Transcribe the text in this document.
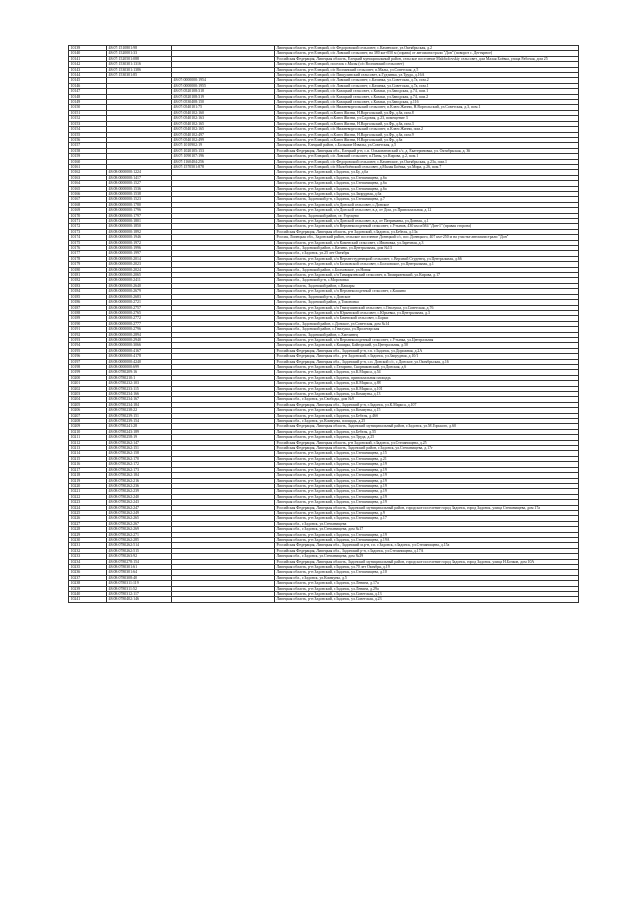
10139	48:07:1510801:98		Липецкая область, р-н Елецкий, с/п Федоровский сельсовет, с.Каменское, ул.Октябрьская, д.2
10140	48:07:1520001:33		Липецкая область, р-н Елецкий, с/п Лавский сельсовет, на 380 км+050 м (справа) от автомагистрали "Дон" (поворот с. Дегтярное)
10141	48:07:1520501:088		Российская Федерация, Липецкая область, Елецкий муниципальный район, сельское поселение Malobolovskiy сельсовет, дом Малая Боёвка, улица Рабочая, дом 25
10142	48:07:1530301:1316		Липецкая область, р-н Елецкий, поселок с.Малы (с/п Волчанский сельсовет)
10143	48:07:1530301:1386		Липецкая область, р-н Елецкий, с/п Волчанский сельсовет, п.Малы, ул.Советская, д.5
10144	48:07:1530301:85		Липецкая область, р-н Елецкий, с/п Пищулинский сельсовет, к.Гудзинка, ул.Труда, д.16А
10145		48:07:0000000:1954	Липецкая область, р-н Елецкий, с/п Лавский сельсовет, с.Казинка, ул.Советская, д.7а, пом.2
10146		48:07:0000000:1955	Липецкая область, р-н Елецкий, с/п Лавский сельсовет, с.Казинка, ул.Советская, д.7а, пом.1
10147		48:07:0520108:318	Липецкая область, р-н Елецкий, с/п Казацкий сельсовет, с.Казаки, ул.Заводская, д.74, пом.1
10148		48:07:0520108:319	Липецкая область, р-н Елецкий, с/п Казацкий сельсовет, с.Казаки, ул.Заводская, д.74, пом.2
10149		48:07:0530408:150	Липецкая область, р-н Елецкий, с/п Казацкий сельсовет, с.Казаки, ул.Заводская, д.116
10150		48:07:0540101:75	Липецкая область, р-н Елецкий, с/п Нижневоргольский сельсовет, п.Ключ Жизни, Н.Воргольский, ул.Советская, д.3, пом.1
10151		48:07:0540102:160	Липецкая область, р-н Елецкий, п.Ключ Жизни, Н.Воргольский, ул.Фр, д.6а, пом.8
10152		48:07:0540102:163	Липецкая область, р-н Елецкий, п.Ключ Жизни, ул.Садовая, д.23, помещение 3
10153		48:07:0540102:165	Липецкая область, р-н Елецкий, п.Ключ Жизни, Н.Воргольский, ул.Фр, д.6а, пом.3
10154		48:07:0540102:165	Липецкая область, р-н Елецкий, с/п Нижневоргольский сельсовет, п.Ключ Жизни, пом.2
10155		48:07:0540102:497	Липецкая область, р-н Елецкий, п.Ключ Жизни, Н.Воргольский, ул.Фр, д.6а, пом.9
10156		48:07:0540102:499	Липецкая область, р-н Елецкий, п.Ключ Жизни, Н.Воргольский, ул.Фр, д.6а
10157		48:07:1010902:19	Липецкая область, Елецкий район, с.Большие Извалы, ул.Советская, д.5
10158		48:07:1020105:153	Российская Федерация, Липецкая обл., Елецкий р-н, с.п. Ольховатовский с/с, д. Екатериновка, ул. Октябрьская, д. 36
10159		48:07:1090107:196	Липецкая область, р-н Елецкий, с/п Лавский сельсовет, п.Паны, ул.Кирова, д.2, пом.1
10160		48:07:1160404:256	Липецкая область, р-н Елецкий, с/п Федоровский сельсовет, с.Каменское, ул.Октябрьская, д.23а, пом.1
10161		48:07:1570501:878	Липецкая область, р-н Елецкий, с/п Малобоёвский сельсовет, д.Малая Боёвка, ул.Мира, д.26, пом.7
10162	48:08:0000000:1224		Липецкая область, р-н Задонский, г.Задонск, ул.Бу, д.6а
10163	48:08:0000000:1417		Липецкая область, р-н Задонский, г.Задонск, ул.Степанищева, д.6а
10164	48:08:0000000:1527		Липецкая область, р-н Задонский, г.Задонск, ул.Степанищева, д.6а
10165	48:08:0000000:1536		Липецкая область, р-н Задонский, г.Задонск, ул.Степанищева, д.6а
10166	48:08:0000000:1538		Липецкая область, р-н Задонский, г.Задонск, ул.Запрудная, д.6а
10167	48:08:0000000:1523		Липецкая область, Задонский р-н, г.Задонск, ул.Степанищева, д.7
10168	48:08:0000000:1780		Липецкая область, р-н Задонский, с/п Донской сельсовет, с.Донское
10169	48:08:0000000:1796		Липецкая область, р-н Задонский, с/п Донской сельсовет, в.д. от Дом, ул.Привокзальная, д.12
10170	48:08:0000000:1797		Липецкая область, Задонский район, ст. Улусцево
10171	48:08:0000000:1801		Липецкая область, р-н Задонский, с/п Донской сельсовет, в.д. от Патриманы, ул.Донная, д.1
10172	48:08:0000000:1850		Липецкая область, р-н Задонский, с/п Верхнеколодезный сельсовет, с.Утынов, 430 км м/М4 "Дон-1" (правая сторона)
10173	48:08:0000000:1892		Российская Федерация, Липецкая область, р-н Задонский, г.Задонск, ул.Бебеля, д.13а
10174	48:08:0000000:1946		Россия, Липецкая обл., Задонский район, сельское поселение Донецкий с/с, пос.Донецкого, 407 км+250 м на участке автомагистрали "Дон"
10175	48:08:0000000:1972		Липецкая область, р-н Задонский, с/п Каменский сельсовет, с.Ивановка, ул.Заречная, д.3
10176	48:08:0000000:1996		Липецкая обл., Задонский район, с.Катино, ул.Центральная, дом №13
10177	48:08:0000000:1997		Липецкая обл., г.Задонск, ул.25 лет Октября
10178	48:08:0000000:2014		Липецкая область, р-н Задонский, с/п Верхнестуденецкий сельсовет, с.Верхний Студенец, ул.Центральная, д.66
10179	48:08:0000000:2023		Липецкая область, р-н Задонский, с/п Болховской сельсовет, с.Болховское, ул.Центральная, д.1
10180	48:08:0000000:2024		Липецкая обл., Задонский район, с.Болховское, ул.Новая
10181	48:08:0000000:2065		Липецкая область, р-н Задонский, с/п Тимирязевский сельсовет, п.Тимирязевский, ул.Кирова, д.17
10182	48:08:0000000:2411		Липецкая обл., Задонский р-н, с.Морозовка
10183	48:08:0000000:2640		Липецкая область, Задонский район, с.Кашары
10184	48:08:0000000:2679		Липецкая область, р-н Задонский, с/п Верхнеколодезный сельсовет, с.Кашино
10185	48:08:0000000:2683		Липецкая область, Задонский р-н, с.Донское
10186	48:08:0000000:2721		Липецкая область, Задонский район, д.Тихоновка
10187	48:08:0000000:2757		Липецкая область, р-н Задонский, с/п Гнилушинский сельсовет, с.Гнилуша, ул.Советская, д.76
10188	48:08:0000000:2765		Липецкая область, р-н Задонский, с/п Юрьевский сельсовет, с.Юрьевка, ул.Центральная, д.3
10189	48:08:0000000:2772		Липецкая область, р-н Задонский, с/п Бачевский сельсовет, с.Борки
10190	48:08:0000000:2777		Липецкая обл., Задонский район, с.Донское, ул.Советская, дом №14
10191	48:08:0000000:2796		Липецкая обл., Задонский район, с.Гнилуша, ул.Пролетарская
10192	48:08:0000000:2894		Липецкая область, Задонский район, с.Хмелинец
10193	48:08:0000000:2940		Липецкая область, р-н Задонский, с/п Верхнеколодезный сельсовет, с.Утынка, ул.Центральная
10194	48:08:0000000:3066		Липецкая область, р-н Задонский, с.Кашары, Байгорский, ул.Центральная, д.50
10195	48:08:0000000:4167		Российская Федерация, Липецкая обл., Задонский р-н, г.п. г.Задонск, ул.Дорожная, д.2А
10196	48:08:0000000:4178		Российская Федерация, Липецкая обл., р-н Задонский, г.Задонск, ул.Запрудная, д.10/1
10197	48:08:0000000:4240		Российская Федерация, Липецкая обл., Задонский р-н, с.п. Донской с/с, с.Донское, ул.Октябрьская, д.16
10198	48:08:0000000:699		Липецкая область, р-н Задонский, с.Гатарино, Скорняковский, ул.Донская, д.6
10199	48:08:0780209:16		Липецкая область, р-н Задонский, г.Задонск, ул.К.Маркса, д.54
10200	48:08:0780210:1		Липецкая область, р-н Задонский, г.Задонск, привокзальная площадь
10201	48:08:0780232:103		Липецкая область, р-н Задонский, г.Задонск, ул.К.Маркса, д.88
10202	48:08:0780233:115		Липецкая область, р-н Задонский, г.Задонск, ул.К.Маркса, д.101
10203	48:08:0780234:166		Липецкая область, р-н Задонский, г.Задонск, ул.Коммуны, д.13
10204	48:08:0780234:167		Липецкая обл., г.Задонск, ул.Свободы, дом №9
10205	48:08:0780234:184		Российская Федерация, Липецкая обл., Задонский р-н, г.Задонск, ул.К.Маркса, д.107
10206	48:08:0780238:22		Липецкая область, р-н Задонский, г.Задонск, ул.Коммуны, д.15
10207	48:08:0780239:151		Липецкая область, р-н Задонский, г.Задонск, ул.Бебеля, д.46б
10208	48:08:0780239:154		Липецкая обл., г.Задонск, ул.Коммуны, площадь, д.25
10209	48:08:0780241:28		Российская Федерация, Липецкая область, Задонский муниципальный район, г.Задонск, ул.М.Горького, д.60
10210	48:08:0780243:189		Липецкая область, р-н Задонский, г.Задонск, ул.Бебеля, д.55
10211	48:08:0780258:19		Липецкая область, р-н Задонский, г.Задонск, ул.Труда, д.25
10212	48:08:0780262:147		Российская Федерация, Липецкая область, р-н Задонский, г.Задонск, ул.Степанищева, д.25
10213	48:08:0780262:151		Российская Федерация, Липецкая область, Задонский район, г.Задонск, ул.Степанищева, д.17г
10214	48:08:0780262:158		Липецкая область, р-н Задонский, г.Задонск, ул.Степанищева, д.15
10215	48:08:0780262:170		Липецкая область, р-н Задонский, г.Задонск, ул.Степанищева, д.21
10216	48:08:0780262:172		Липецкая область, р-н Задонский, г.Задонск, ул.Степанищева, д.19
10217	48:08:0780262:173		Липецкая область, р-н Задонский, г.Задонск, ул.Степанищева, д.19
10218	48:08:0780262:184		Липецкая область, р-н Задонский, г.Задонск, ул.Степанищева, д.19
10219	48:08:0780262:216		Липецкая область, р-н Задонский, г.Задонск, ул.Степанищева, д.19
10220	48:08:0780262:236		Липецкая область, р-н Задонский, г.Задонск, ул.Степанищева, д.19
10221	48:08:0780262:239		Липецкая область, р-н Задонский, г.Задонск, ул.Степанищева, д.19
10222	48:08:0780262:240		Липецкая область, р-н Задонский, г.Задонск, ул.Степанищева, д.19
10223	48:08:0780262:243		Липецкая область, р-н Задонский, г.Задонск, ул.Степанищева, д.19
10224	48:08:0780262:247		Российская Федерация, Липецкая область, Задонский муниципальный район, городское поселение город Задонск, город Задонск, улица Степанищева, дом 17а
10225	48:08:0780262:249		Липецкая область, р-н Задонский, г.Задонск, ул.Степанищева, д.9
10226	48:08:0780262:265		Липецкая область, р-н Задонский, г.Задонск, ул.Степанищева, д.17
10227	48:08:0780262:267		Липецкая обл., г.Задонск, ул.Степанищева
10228	48:08:0780262:269		Липецкая обл., г.Задонск, ул.Степанищева, дом №17
10229	48:08:0780262:271		Липецкая область, р-н Задонский, г.Задонск, ул.Степанищева, д.19
10230	48:08:0780262:285		Липецкая область, р-н Задонский, г.Задонск, ул.Степанищева, д.19А
10231	48:08:0780262:514		Российская Федерация, Липецкая обл., Задонский м.р-н, г.п. г.Задонск, г.Задонск, ул.Степанищева, д.15а
10232	48:08:0780262:515		Российская Федерация, Липецкая обл., Задонский р-н, г.Задонск, ул.Степанищева, д.17А
10233	48:08:0780263:92		Липецкая обл., г.Задонск, ул.Степанищева, дом №29
10234	48:08:0780278:154		Российская Федерация, Липецкая область, Задонский муниципальный район, городское поселение город Задонск, город Задонск, улица Н.Бочков, дом 10А
10235	48:08:0780301:61		Липецкая область, р-н Задонский, г.Задонск, ул.70 лет Октября, д.19
10236	48:08:0780301:64		Липецкая область, р-н Задонский, г.Задонск, ул.Степанищева, д.10
10237	48:08:0780308:40		Липецкая обл., г.Задонск, ул.Коммуны, д.5
10238	48:08:0780311:119		Липецкая область, р-н Задонский, г.Задонск, ул.Ленина, д.17а
10239	48:08:0780311:52		Липецкая область, р-н Задонский, г.Задонск, ул.Ленина, д.29а
10240	48:08:0780312:117		Липецкая область, р-н Задонский, г.Задонск, ул.Советская, д.13
10241	48:08:0780402:146		Липецкая область, р-н Задонский, г.Задонск, ул.Советская, д.23
